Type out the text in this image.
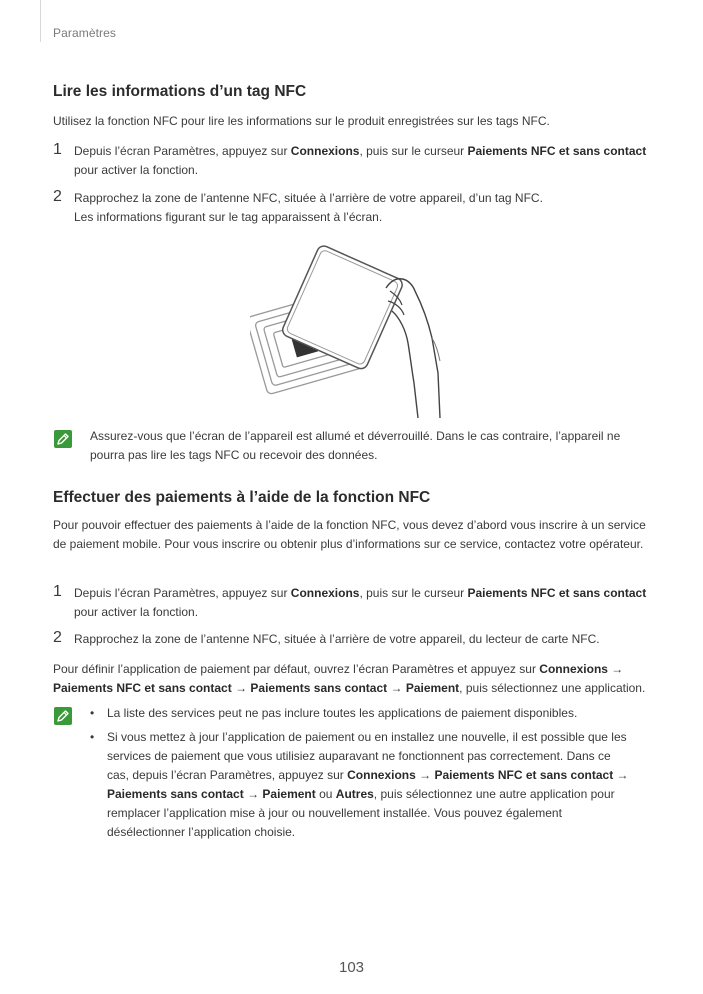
Paramètres
Lire les informations d’un tag NFC
Utilisez la fonction NFC pour lire les informations sur le produit enregistrées sur les tags NFC.
1 Depuis l’écran Paramètres, appuyez sur Connexions, puis sur le curseur Paiements NFC et sans contact pour activer la fonction.
2 Rapprochez la zone de l’antenne NFC, située à l’arrière de votre appareil, d’un tag NFC.
Les informations figurant sur le tag apparaissent à l’écran.
Assurez-vous que l’écran de l’appareil est allumé et déverrouillé. Dans le cas contraire, l’appareil ne pourra pas lire les tags NFC ou recevoir des données.
Effectuer des paiements à l’aide de la fonction NFC
Pour pouvoir effectuer des paiements à l’aide de la fonction NFC, vous devez d’abord vous inscrire à un service de paiement mobile. Pour vous inscrire ou obtenir plus d’informations sur ce service, contactez votre opérateur.
1 Depuis l’écran Paramètres, appuyez sur Connexions, puis sur le curseur Paiements NFC et sans contact pour activer la fonction.
2 Rapprochez la zone de l’antenne NFC, située à l’arrière de votre appareil, du lecteur de carte NFC.
Pour définir l’application de paiement par défaut, ouvrez l’écran Paramètres et appuyez sur Connexions → Paiements NFC et sans contact → Paiements sans contact → Paiement, puis sélectionnez une application.
• La liste des services peut ne pas inclure toutes les applications de paiement disponibles.
• Si vous mettez à jour l’application de paiement ou en installez une nouvelle, il est possible que les services de paiement que vous utilisiez auparavant ne fonctionnent pas correctement. Dans ce cas, depuis l’écran Paramètres, appuyez sur Connexions → Paiements NFC et sans contact → Paiements sans contact → Paiement ou Autres, puis sélectionnez une autre application pour remplacer l’application mise à jour ou nouvellement installée. Vous pouvez également désélectionner l’application choisie.
103
